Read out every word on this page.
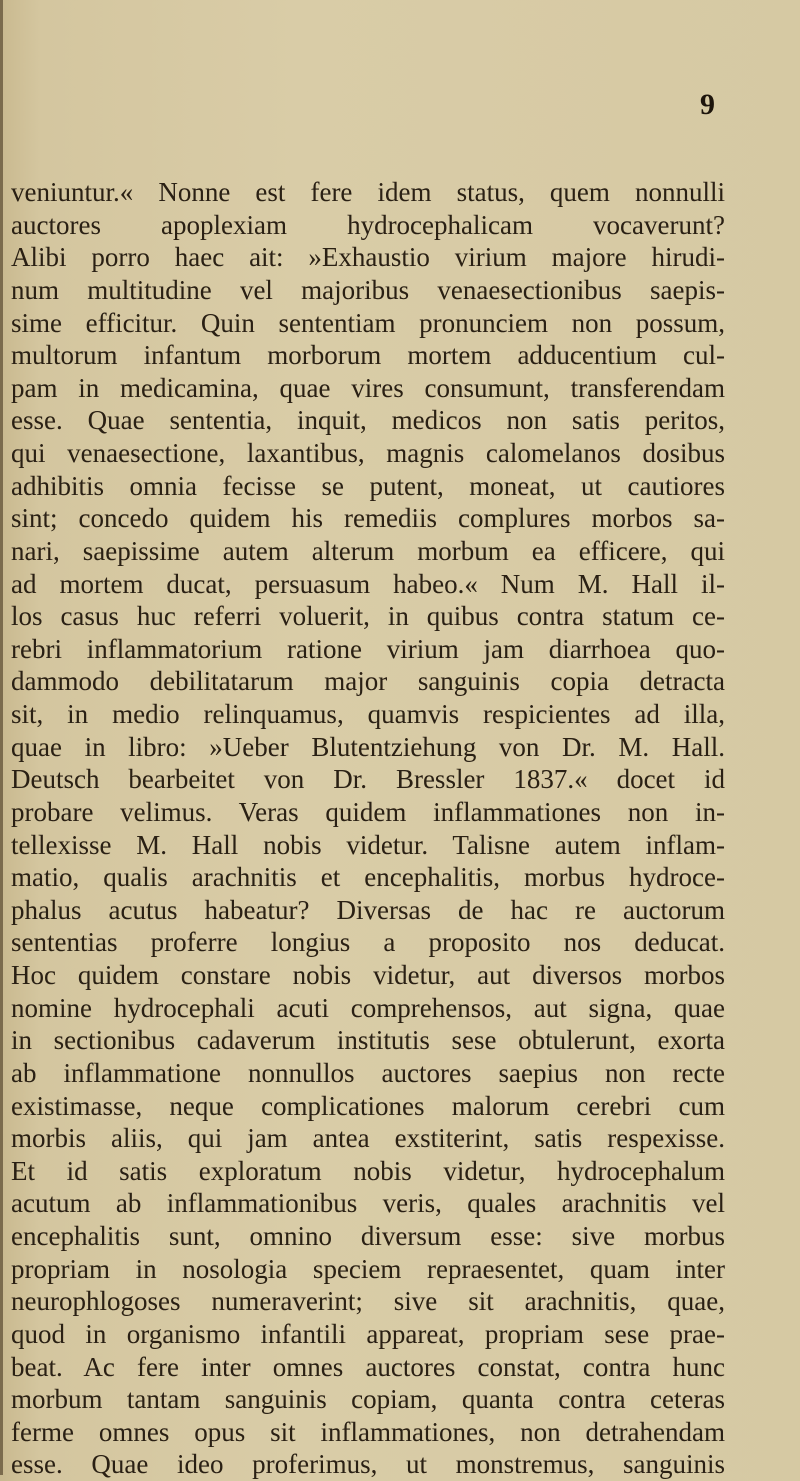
9
veniuntur.« Nonne est fere idem status, quem nonnulli
auctores apoplexiam hydrocephalicam vocaverunt?
Alibi porro haec ait: »Exhaustio virium majore hirudi-
num multitudine vel majoribus venaesectionibus saepis-
sime efficitur. Quin sententiam pronunciem non possum,
multorum infantum morborum mortem adducentium cul-
pam in medicamina, quae vires consumunt, transferendam
esse. Quae sententia, inquit, medicos non satis peritos,
qui venaesectione, laxantibus, magnis calomelanos dosibus
adhibitis omnia fecisse se putent, moneat, ut cautiores
sint; concedo quidem his remediis complures morbos sa-
nari, saepissime autem alterum morbum ea efficere, qui
ad mortem ducat, persuasum habeo.« Num M. Hall il-
los casus huc referri voluerit, in quibus contra statum ce-
rebri inflammatorium ratione virium jam diarrhoea quo-
dammodo debilitatarum major sanguinis copia detracta
sit, in medio relinquamus, quamvis respicientes ad illa,
quae in libro: »Ueber Blutentziehung von Dr. M. Hall.
Deutsch bearbeitet von Dr. Bressler 1837.« docet id
probare velimus. Veras quidem inflammationes non in-
tellexisse M. Hall nobis videtur. Talisne autem inflam-
matio, qualis arachnitis et encephalitis, morbus hydroce-
phalus acutus habeatur? Diversas de hac re auctorum
sententias proferre longius a proposito nos deducat.
Hoc quidem constare nobis videtur, aut diversos morbos
nomine hydrocephali acuti comprehensos, aut signa, quae
in sectionibus cadaverum institutis sese obtulerunt, exorta
ab inflammatione nonnullos auctores saepius non recte
existimasse, neque complicationes malorum cerebri cum
morbis aliis, qui jam antea exstiterint, satis respexisse.
Et id satis exploratum nobis videtur, hydrocephalum
acutum ab inflammationibus veris, quales arachnitis vel
encephalitis sunt, omnino diversum esse: sive morbus
propriam in nosologia speciem repraesentet, quam inter
neurophlogoses numeraverint; sive sit arachnitis, quae,
quod in organismo infantili appareat, propriam sese prae-
beat. Ac fere inter omnes auctores constat, contra hunc
morbum tantam sanguinis copiam, quanta contra ceteras
ferme omnes opus sit inflammationes, non detrahendam
esse. Quae ideo proferimus, ut monstremus, sanguinis
